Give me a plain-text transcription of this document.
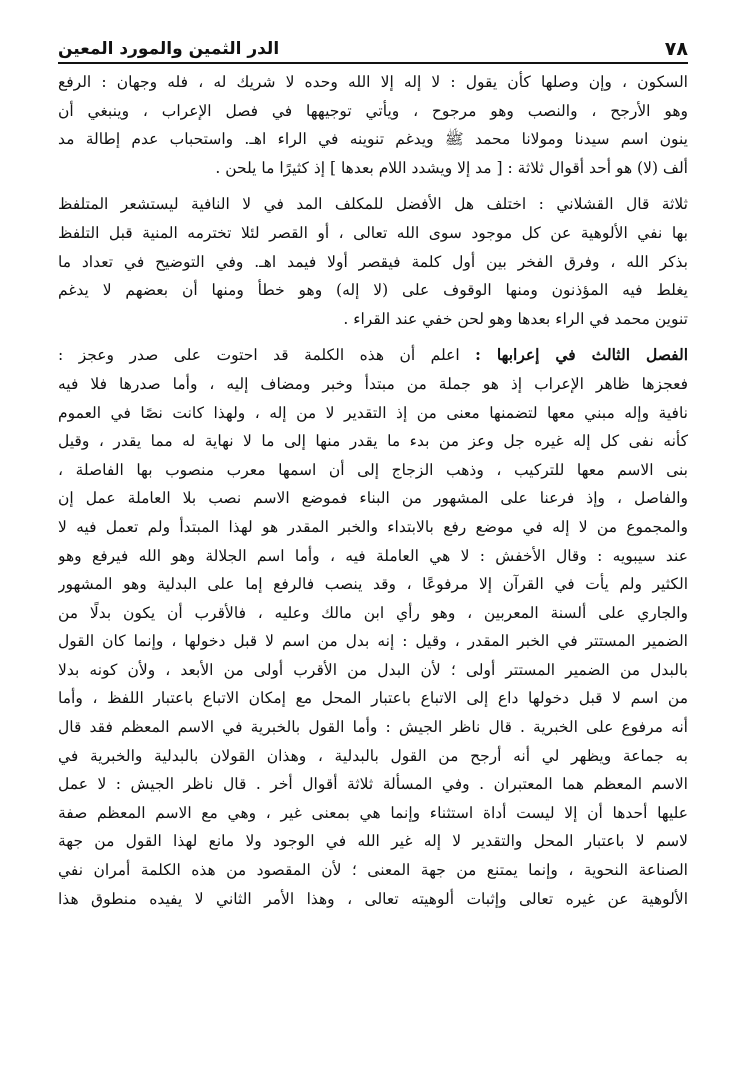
٧٨
الدر الثمين والمورد المعين
السكون ، وإن وصلها كأن يقول : لا إله إلا الله وحده لا شريك له ، فله وجهان : الرفع
وهو الأرجح ، والنصب وهو مرجوح ، ويأتي توجيهها في فصل الإعراب ، وينبغي أن
ينون اسم سيدنا ومولانا محمد ﷺ ويدغم تنوينه في الراء اهـ. واستحباب عدم إطالة مد
ألف (لا) هو أحد أقوال ثلاثة : [ مد إلا ويشدد اللام بعدها ] إذ كثيرًا ما يلحن .
ثلاثة قال القشلاني : اختلف هل الأفضل للمكلف المد في لا النافية ليستشعر المتلفظ
بها نفي الألوهية عن كل موجود سوى الله تعالى ، أو القصر لئلا تخترمه المنية قبل التلفظ
بذكر الله ، وفرق الفخر بين أول كلمة فيقصر أولا فيمد اهـ. وفي التوضيح في تعداد ما
يغلط فيه المؤذنون ومنها الوقوف على (لا إله) وهو خطأ ومنها أن بعضهم لا يدغم
تنوين محمد في الراء بعدها وهو لحن خفي عند القراء .
الفصل الثالث في إعرابها : اعلم أن هذه الكلمة قد احتوت على صدر وعجز :
فعجزها ظاهر الإعراب إذ هو جملة من مبتدأ وخبر ومضاف إليه ، وأما صدرها فلا فيه
نافية وإله مبني معها لتضمنها معنى من إذ التقدير لا من إله ، ولهذا كانت نصًا في العموم
كأنه نفى كل إله غيره جل وعز من بدء ما يقدر منها إلى ما لا نهاية له مما يقدر ، وقيل
بنى الاسم معها للتركيب ، وذهب الزجاج إلى أن اسمها معرب منصوب بها الفاصلة ،
والفاصل ، وإذ فرعنا على المشهور من البناء فموضع الاسم نصب بلا العاملة عمل إن
والمجموع من لا إله في موضع رفع بالابتداء والخبر المقدر هو لهذا المبتدأ ولم تعمل فيه لا
عند سيبويه : وقال الأخفش : لا هي العاملة فيه ، وأما اسم الجلالة وهو الله فيرفع وهو
الكثير ولم يأت في القرآن إلا مرفوعًا ، وقد ينصب فالرفع إما على البدلية وهو المشهور
والجاري على ألسنة المعربين ، وهو رأي ابن مالك وعليه ، فالأقرب أن يكون بدلًا من
الضمير المستتر في الخبر المقدر ، وقيل : إنه بدل من اسم لا قبل دخولها ، وإنما كان القول
بالبدل من الضمير المستتر أولى ؛ لأن البدل من الأقرب أولى من الأبعد ، ولأن كونه بدلا
من اسم لا قبل دخولها داع إلى الاتباع باعتبار المحل مع إمكان الاتباع باعتبار اللفظ ، وأما
أنه مرفوع على الخبرية . قال ناظر الجيش : وأما القول بالخبرية في الاسم المعظم فقد قال
به جماعة ويظهر لي أنه أرجح من القول بالبدلية ، وهذان القولان بالبدلية والخبرية في
الاسم المعظم هما المعتبران . وفي المسألة ثلاثة أقوال أخر . قال ناظر الجيش : لا عمل
عليها أحدها أن إلا ليست أداة استثناء وإنما هي بمعنى غير ، وهي مع الاسم المعظم صفة
لاسم لا باعتبار المحل والتقدير لا إله غير الله في الوجود ولا مانع لهذا القول من جهة
الصناعة النحوية ، وإنما يمتنع من جهة المعنى ؛ لأن المقصود من هذه الكلمة أمران نفي
الألوهية عن غيره تعالى وإثبات ألوهيته تعالى ، وهذا الأمر الثاني لا يفيده منطوق هذا
